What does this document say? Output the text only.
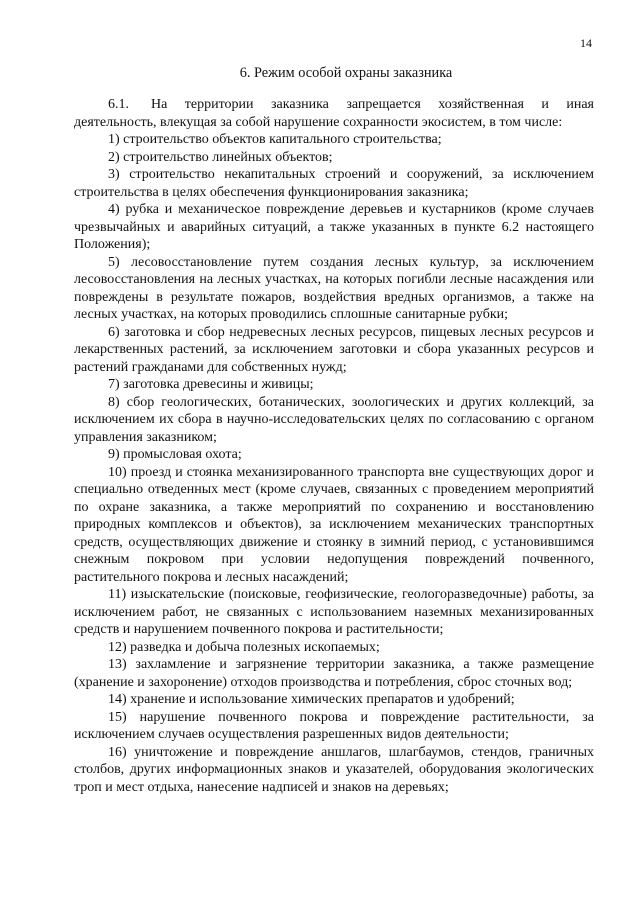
14
6. Режим особой охраны заказника

6.1. На территории заказника запрещается хозяйственная и иная деятельность, влекущая за собой нарушение сохранности экосистем, в том числе:

1) строительство объектов капитального строительства;

2) строительство линейных объектов;

3) строительство некапитальных строений и сооружений, за исключением строительства в целях обеспечения функционирования заказника;

4) рубка и механическое повреждение деревьев и кустарников (кроме случаев чрезвычайных и аварийных ситуаций, а также указанных в пункте 6.2 настоящего Положения);

5) лесовосстановление путем создания лесных культур, за исключением лесовосстановления на лесных участках, на которых погибли лесные насаждения или повреждены в результате пожаров, воздействия вредных организмов, а также на лесных участках, на которых проводились сплошные санитарные рубки;

6) заготовка и сбор недревесных лесных ресурсов, пищевых лесных ресурсов и лекарственных растений, за исключением заготовки и сбора указанных ресурсов и растений гражданами для собственных нужд;

7) заготовка древесины и живицы;

8) сбор геологических, ботанических, зоологических и других коллекций, за исключением их сбора в научно-исследовательских целях по согласованию с органом управления заказником;

9) промысловая охота;

10) проезд и стоянка механизированного транспорта вне существующих дорог и специально отведенных мест (кроме случаев, связанных с проведением мероприятий по охране заказника, а также мероприятий по сохранению и восстановлению природных комплексов и объектов), за исключением механических транспортных средств, осуществляющих движение и стоянку в зимний период, с установившимся снежным покровом при условии недопущения повреждений почвенного, растительного покрова и лесных насаждений;

11) изыскательские (поисковые, геофизические, геологоразведочные) работы, за исключением работ, не связанных с использованием наземных механизированных средств и нарушением почвенного покрова и растительности;

12) разведка и добыча полезных ископаемых;

13) захламление и загрязнение территории заказника, а также размещение (хранение и захоронение) отходов производства и потребления, сброс сточных вод;

14) хранение и использование химических препаратов и удобрений;

15) нарушение почвенного покрова и повреждение растительности, за исключением случаев осуществления разрешенных видов деятельности;

16) уничтожение и повреждение аншлагов, шлагбаумов, стендов, граничных столбов, других информационных знаков и указателей, оборудования экологических троп и мест отдыха, нанесение надписей и знаков на деревьях;
